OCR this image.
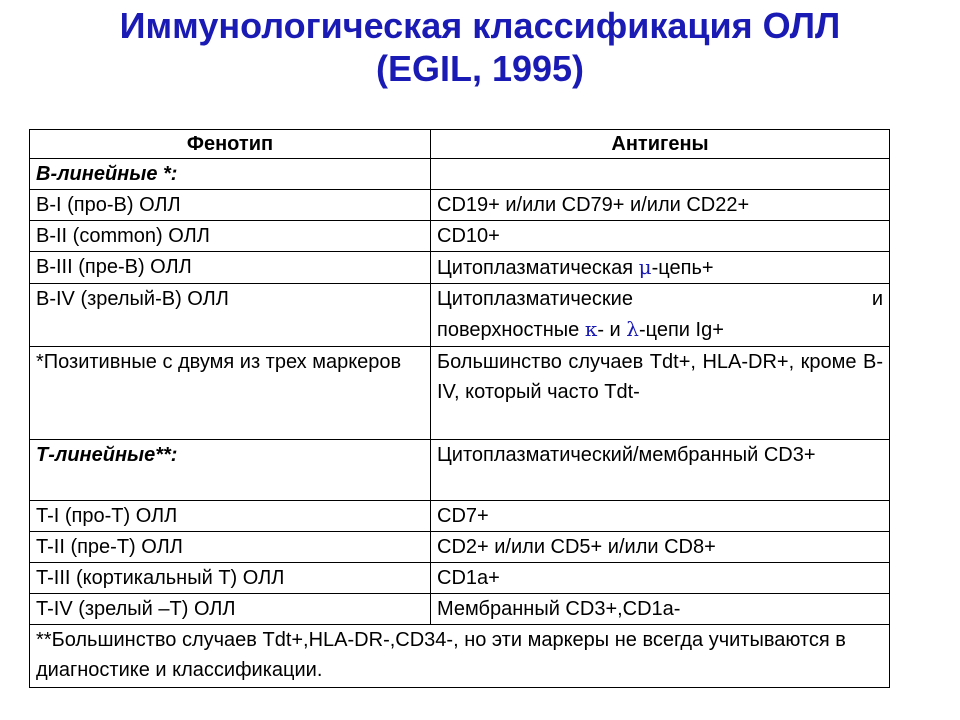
Иммунологическая классификация ОЛЛ
(EGIL, 1995)
Фенотип	Антигены
В-линейные *:	
B-I (про-В) ОЛЛ	CD19+ и/или CD79+ и/или CD22+
B-II (common) ОЛЛ	CD10+
B-III (пре-В) ОЛЛ	Цитоплазматическая μ-цепь+
B-IV (зрелый-В) ОЛЛ	Цитоплазматические и
поверхностные κ- и λ-цепи Ig+

*Позитивные с двумя из трех маркеров	Большинство случаев Tdt+, HLA-DR+, кроме B-IV, который часто Tdt-
Т-линейные**:	Цитоплазматический/мембранный CD3+
T-I (про-Т) ОЛЛ	CD7+
T-II (пре-Т) ОЛЛ	CD2+ и/или CD5+ и/или CD8+
T-III (кортикальный Т) ОЛЛ	CD1a+
T-IV (зрелый –Т) ОЛЛ	Мембранный CD3+,CD1a-
**Большинство случаев Tdt+,HLA-DR-,CD34-, но эти маркеры не всегда учитываются в диагностике и классификации.	
